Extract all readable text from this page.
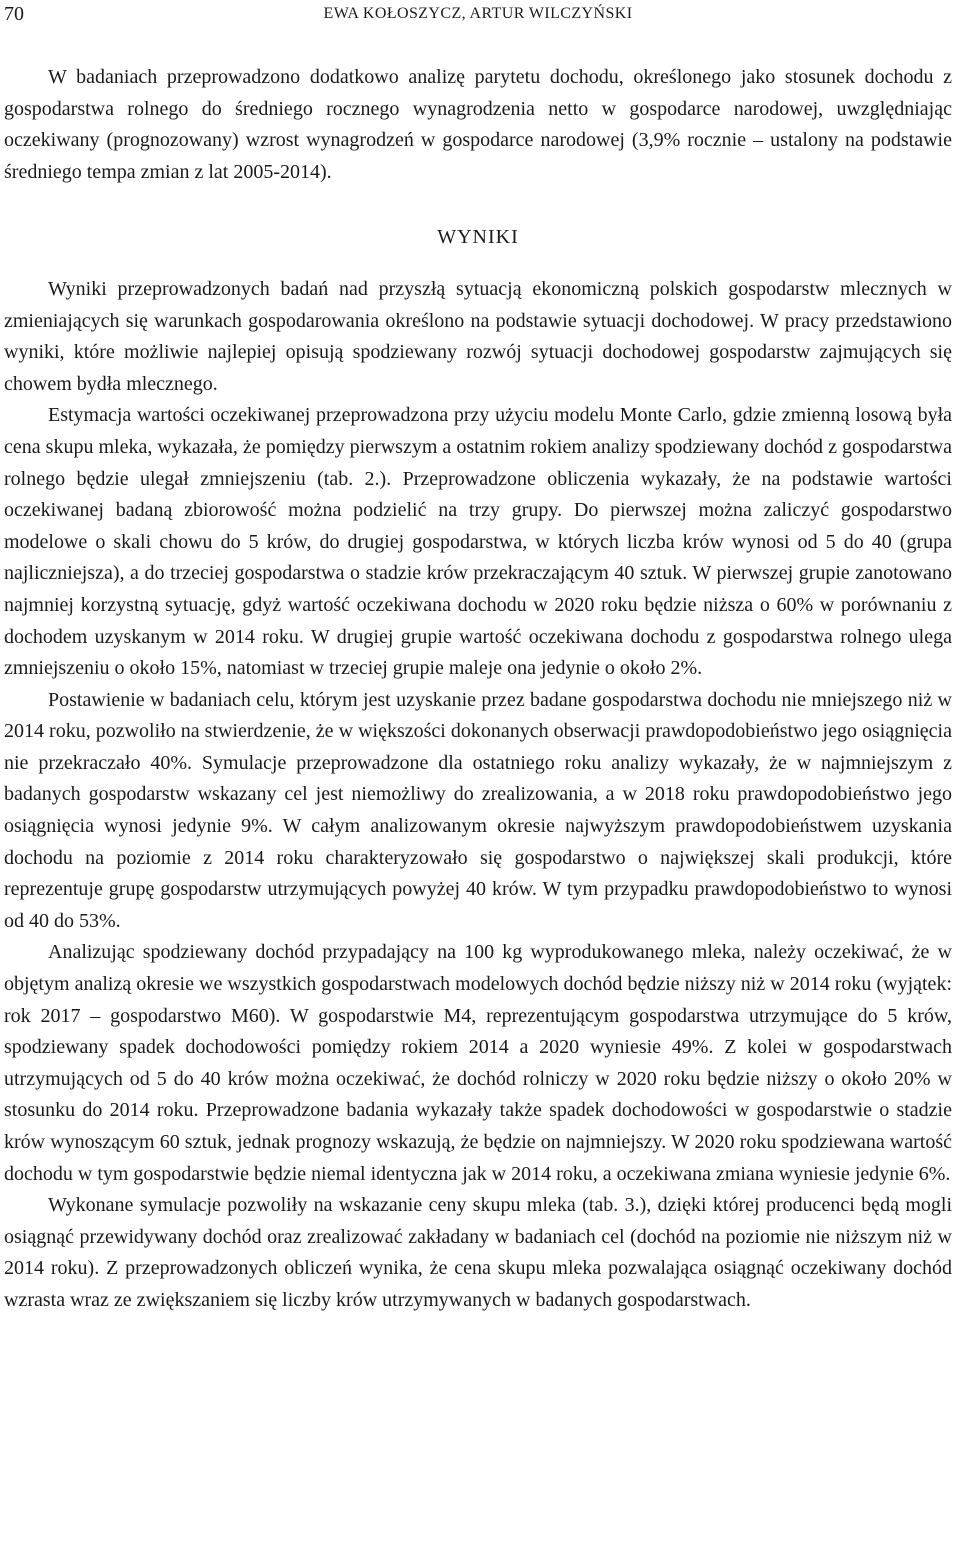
70	EWA KOŁOSZYCZ, ARTUR WILCZYŃSKI

W badaniach przeprowadzono dodatkowo analizę parytetu dochodu, określonego jako stosunek dochodu z gospodarstwa rolnego do średniego rocznego wynagrodzenia netto w gospodarce narodowej, uwzględniając oczekiwany (prognozowany) wzrost wynagrodzeń w gospodarce narodowej (3,9% rocznie – ustalony na podstawie średniego tempa zmian z lat 2005-2014).

WYNIKI

Wyniki przeprowadzonych badań nad przyszłą sytuacją ekonomiczną polskich gospodarstw mlecznych w zmieniających się warunkach gospodarowania określono na podstawie sytuacji dochodowej. W pracy przedstawiono wyniki, które możliwie najlepiej opisują spodziewany rozwój sytuacji dochodowej gospodarstw zajmujących się chowem bydła mlecznego.

Estymacja wartości oczekiwanej przeprowadzona przy użyciu modelu Monte Carlo, gdzie zmienną losową była cena skupu mleka, wykazała, że pomiędzy pierwszym a ostatnim rokiem analizy spodziewany dochód z gospodarstwa rolnego będzie ulegał zmniejszeniu (tab. 2.). Przeprowadzone obliczenia wykazały, że na podstawie wartości oczekiwanej badaną zbiorowość można podzielić na trzy grupy. Do pierwszej można zaliczyć gospodarstwo modelowe o skali chowu do 5 krów, do drugiej gospodarstwa, w których liczba krów wynosi od 5 do 40 (grupa najliczniejsza), a do trzeciej gospodarstwa o stadzie krów przekraczającym 40 sztuk. W pierwszej grupie zanotowano najmniej korzystną sytuację, gdyż wartość oczekiwana dochodu w 2020 roku będzie niższa o 60% w porównaniu z dochodem uzyskanym w 2014 roku. W drugiej grupie wartość oczekiwana dochodu z gospodarstwa rolnego ulega zmniejszeniu o około 15%, natomiast w trzeciej grupie maleje ona jedynie o około 2%.

Postawienie w badaniach celu, którym jest uzyskanie przez badane gospodarstwa dochodu nie mniejszego niż w 2014 roku, pozwoliło na stwierdzenie, że w większości dokonanych obserwacji prawdopodobieństwo jego osiągnięcia nie przekraczało 40%. Symulacje przeprowadzone dla ostatniego roku analizy wykazały, że w najmniejszym z badanych gospodarstw wskazany cel jest niemożliwy do zrealizowania, a w 2018 roku prawdopodobieństwo jego osiągnięcia wynosi jedynie 9%. W całym analizowanym okresie najwyższym prawdopodobieństwem uzyskania dochodu na poziomie z 2014 roku charakteryzowało się gospodarstwo o największej skali produkcji, które reprezentuje grupę gospodarstw utrzymujących powyżej 40 krów. W tym przypadku prawdopodobieństwo to wynosi od 40 do 53%.

Analizując spodziewany dochód przypadający na 100 kg wyprodukowanego mleka, należy oczekiwać, że w objętym analizą okresie we wszystkich gospodarstwach modelowych dochód będzie niższy niż w 2014 roku (wyjątek: rok 2017 – gospodarstwo M60). W gospodarstwie M4, reprezentującym gospodarstwa utrzymujące do 5 krów, spodziewany spadek dochodowości pomiędzy rokiem 2014 a 2020 wyniesie 49%. Z kolei w gospodarstwach utrzymujących od 5 do 40 krów można oczekiwać, że dochód rolniczy w 2020 roku będzie niższy o około 20% w stosunku do 2014 roku. Przeprowadzone badania wykazały także spadek dochodowości w gospodarstwie o stadzie krów wynoszącym 60 sztuk, jednak prognozy wskazują, że będzie on najmniejszy. W 2020 roku spodziewana wartość dochodu w tym gospodarstwie będzie niemal identyczna jak w 2014 roku, a oczekiwana zmiana wyniesie jedynie 6%.

Wykonane symulacje pozwoliły na wskazanie ceny skupu mleka (tab. 3.), dzięki której producenci będą mogli osiągnąć przewidywany dochód oraz zrealizować zakładany w badaniach cel (dochód na poziomie nie niższym niż w 2014 roku). Z przeprowadzonych obliczeń wynika, że cena skupu mleka pozwalająca osiągnąć oczekiwany dochód wzrasta wraz ze zwiększaniem się liczby krów utrzymywanych w badanych gospodarstwach.
